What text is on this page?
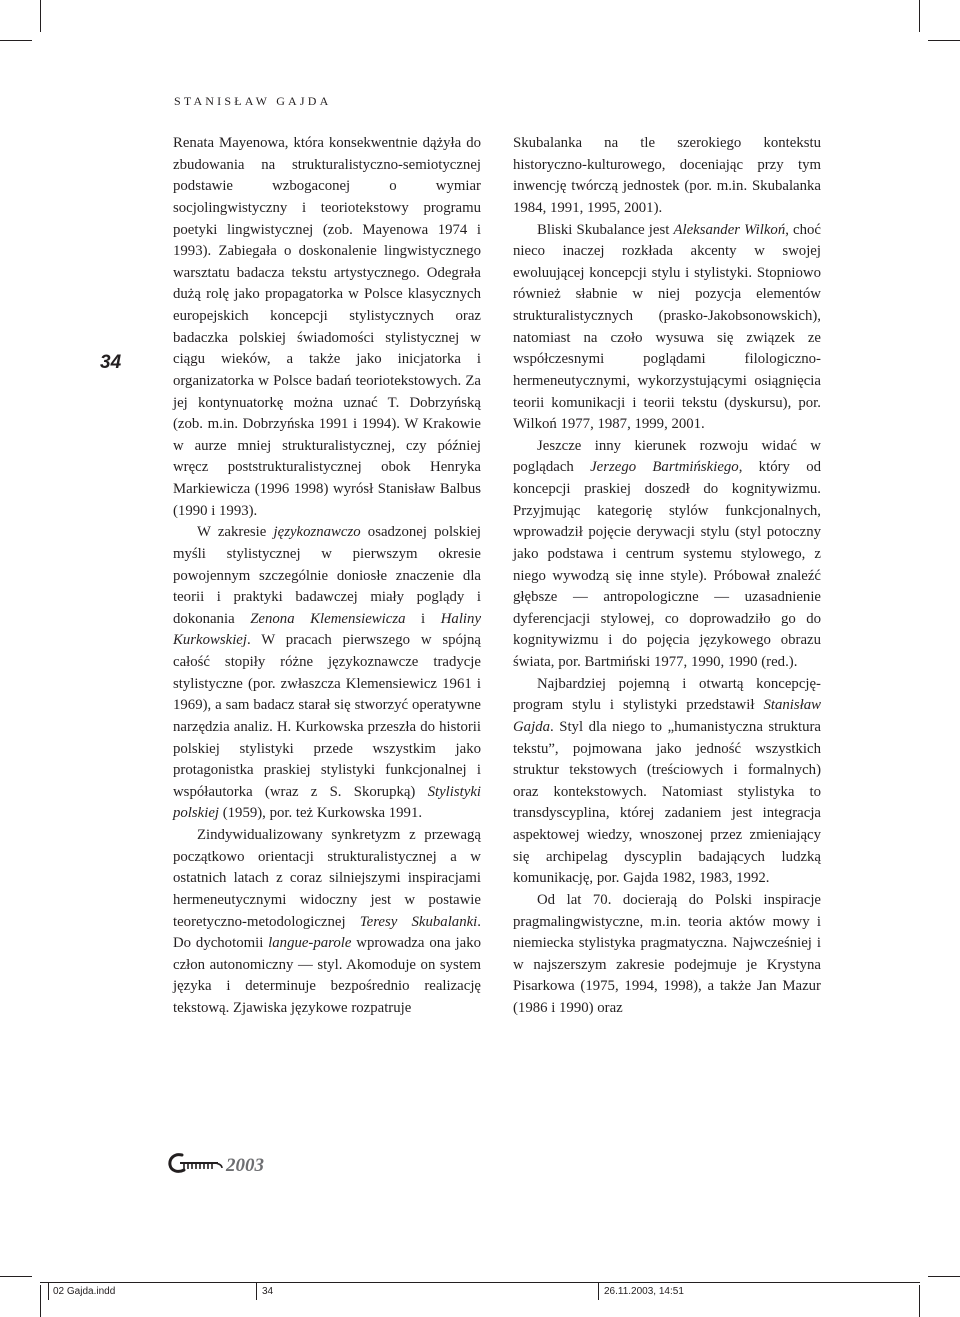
STANISŁAW GAJDA
34

Renata Mayenowa, która konsekwentnie dążyła do zbudowania na strukturalistyczno-semiotycznej podstawie wzbogaconej o wymiar socjolingwistyczny i teoriotekstowy programu poetyki lingwistycznej (zob. Mayenowa 1974 i 1993). Zabiegała o doskonalenie lingwistycznego warsztatu badacza tekstu artystycznego. Odegrała dużą rolę jako propagatorka w Polsce klasycznych europejskich koncepcji stylistycznych oraz badaczka polskiej świadomości stylistycznej w ciągu wieków, a także jako inicjatorka i organizatorka w Polsce badań teoriotekstowych. Za jej kontynuatorkę można uznać T. Dobrzyńską (zob. m.in. Dobrzyńska 1991 i 1994). W Krakowie w aurze mniej strukturalistycznej, czy później wręcz poststrukturalistycznej obok Henryka Markiewicza (1996 1998) wyrósł Stanisław Balbus (1990 i 1993).

W zakresie językoznawczo osadzonej polskiej myśli stylistycznej w pierwszym okresie powojennym szczególnie doniosłe znaczenie dla teorii i praktyki badawczej miały poglądy i dokonania Zenona Klemensiewicza i Haliny Kurkowskiej. W pracach pierwszego w spójną całość stopiły różne językoznawcze tradycje stylistyczne (por. zwłaszcza Klemensiewicz 1961 i 1969), a sam badacz starał się stworzyć operatywne narzędzia analiz. H. Kurkowska przeszła do historii polskiej stylistyki przede wszystkim jako protagonistka praskiej stylistyki funkcjonalnej i współautorka (wraz z S. Skorupką) Stylistyki polskiej (1959), por. też Kurkowska 1991.

Zindywidualizowany synkretyzm z przewagą początkowo orientacji strukturalistycznej a w ostatnich latach z coraz silniejszymi inspiracjami hermeneutycznymi widoczny jest w postawie teoretyczno-metodologicznej Teresy Skubalanki. Do dychotomii langue-parole wprowadza ona jako człon autonomiczny — styl. Akomoduje on system języka i determinuje bezpośrednio realizację tekstową. Zjawiska językowe rozpatruje

Skubalanka na tle szerokiego kontekstu historyczno-kulturowego, doceniając przy tym inwencję twórczą jednostek (por. m.in. Skubalanka 1984, 1991, 1995, 2001).

Bliski Skubalance jest Aleksander Wilkoń, choć nieco inaczej rozkłada akcenty w swojej ewoluującej koncepcji stylu i stylistyki. Stopniowo również słabnie w niej pozycja elementów strukturalistycznych (prasko-Jakobsonowskich), natomiast na czoło wysuwa się związek ze współczesnymi poglądami filologiczno-hermeneutycznymi, wykorzystującymi osiągnięcia teorii komunikacji i teorii tekstu (dyskursu), por. Wilkoń 1977, 1987, 1999, 2001.

Jeszcze inny kierunek rozwoju widać w poglądach Jerzego Bartmińskiego, który od koncepcji praskiej doszedł do kognitywizmu. Przyjmując kategorię stylów funkcjonalnych, wprowadził pojęcie derywacji stylu (styl potoczny jako podstawa i centrum systemu stylowego, z niego wywodzą się inne style). Próbował znaleźć głębsze — antropologiczne — uzasadnienie dyferencjacji stylowej, co doprowadziło go do kognitywizmu i do pojęcia językowego obrazu świata, por. Bartmiński 1977, 1990, 1990 (red.).

Najbardziej pojemną i otwartą koncepcję-program stylu i stylistyki przedstawił Stanisław Gajda. Styl dla niego to „humanistyczna struktura tekstu”, pojmowana jako jedność wszystkich struktur tekstowych (treściowych i formalnych) oraz kontekstowych. Natomiast stylistyka to transdyscyplina, której zadaniem jest integracja aspektowej wiedzy, wnoszonej przez zmieniający się archipelag dyscyplin badających ludzką komunikację, por. Gajda 1982, 1983, 1992.

Od lat 70. docierają do Polski inspiracje pragmalingwistyczne, m.in. teoria aktów mowy i niemiecka stylistyka pragmatyczna. Najwcześniej i w najszerszym zakresie podejmuje je Krystyna Pisarkowa (1975, 1994, 1998), a także Jan Mazur (1986 i 1990) oraz

2003
02 Gajda.indd	34	26.11.2003, 14:51
